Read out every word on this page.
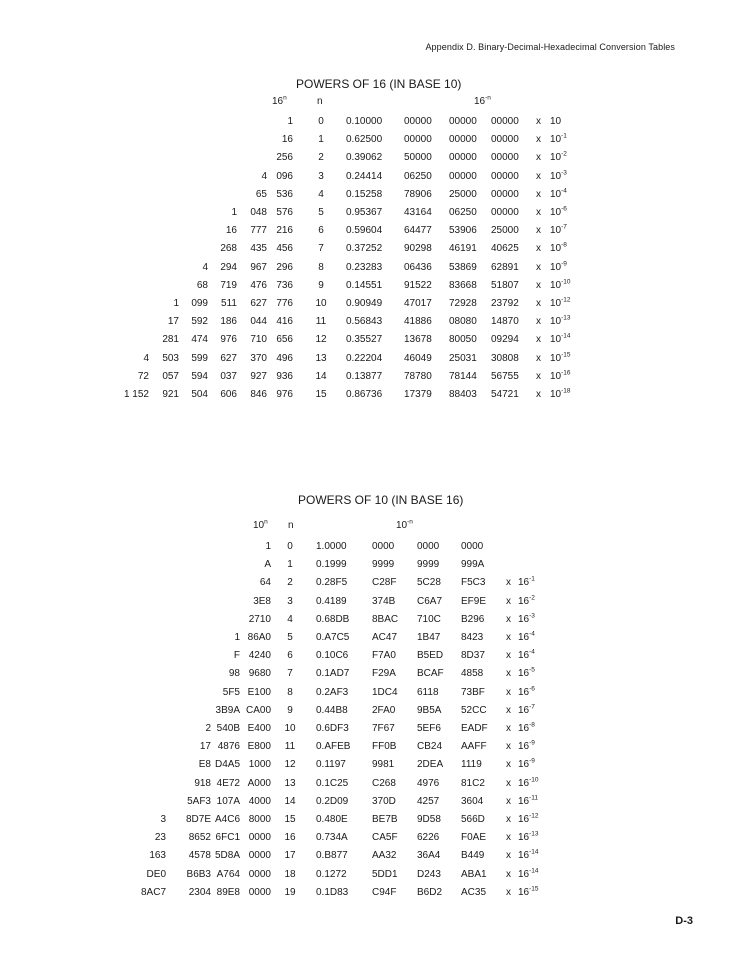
Appendix D. Binary-Decimal-Hexadecimal Conversion Tables
POWERS OF 16 (IN BASE 10)
16$^n$	n	$16^{-n}$
1	0	0.10000 00000 00000 00000 x 10
16	1	0.62500 00000 00000 00000 x $10^{-1}$
256	2	0.39062 50000 00000 00000 x $10^{-2}$
4 096	3	0.24414 06250 00000 00000 x $10^{-3}$
65 536	4	0.15258 78906 25000 00000 x $10^{-4}$
1	048 576	5	0.95367 43164 06250 00000 x $10^{-6}$
16	777 216	6	0.59604 64477 53906 25000 x $10^{-7}$
268	435 456	7	0.37252 90298 46191 40625 x $10^{-8}$
4	294	967 296	8	0.23283 06436 53869 62891 x $10^{-9}$
68	719	476 736	9	0.14551 91522 83668 51807 x $10^{-10}$
1	099	511	627 776	10	0.90949 47017 72928 23792 x $10^{-12}$
17	592	186	044 416	11	0.56843 41886 08080 14870 x $10^{-13}$
281	474	976	710 656	12	0.35527 13678 80050 09294 x $10^{-14}$
4	503	599	627	370 496	13	0.22204 46049 25031 30808 x $10^{-15}$
72	057	594	037	927 936	14	0.13877 78780 78144 56755 x $10^{-16}$
1 152	921	504	606	846 976	15	0.86736 17379 88403 54721 x $10^{-18}$
POWERS OF 10 (IN BASE 16)
10$^n$ n	$10^{-n}$
1	0	1.0000	0000 0000 0000
A	1	0.1999	9999 9999 999A
64	2	0.28F5 C28F 5C28 F5C3 x $16^{-1}$
3E8	3	0.4189	374B C6A7 EF9E x $16^{-2}$
2710	4	0.68DB 8BAC 710C B296 x $16^{-3}$
1 86A0	5	0.A7C5 AC47 1B47 8423 x $16^{-4}$
F 4240	6	0.10C6 F7A0 B5ED 8D37 x $16^{-4}$
98 9680	7	0.1AD7 F29A BCAF 4858 x $16^{-5}$
5F5 E100	8	0.2AF3 1DC4 6118 73BF x $16^{-6}$
3B9A CA00	9	0.44B8 2FA0 9B5A 52CC x $16^{-7}$
2 540B E400	10	0.6DF3 7F67 5EF6 EADF x $16^{-8}$
17 4876 E800	11	0.AFEB FF0B CB24 AAFF x $16^{-9}$
E8 D4A5 1000	12	0.1197	9981 2DEA 1119 x $16^{-9}$
918 4E72 A000	13	0.1C25 C268 4976 81C2 x $16^{-10}$
5AF3 107A 4000	14	0.2D09 370D 4257 3604 x $16^{-11}$
3	8D7E A4C6 8000	15	0.480E BE7B 9D58 566D x $16^{-12}$
23	8652 6FC1 0000	16	0.734A CA5F 6226 F0AE x $16^{-13}$
163	4578 5D8A 0000	17	0.B877 AA32 36A4 B449 x $16^{-14}$
DE0	B6B3 A764 0000	18	0.1272	5DD1 D243 ABA1 x $16^{-14}$
8AC7	2304 89E8 0000	19	0.1D83 C94F B6D2 AC35 x $16^{-15}$
D-3
